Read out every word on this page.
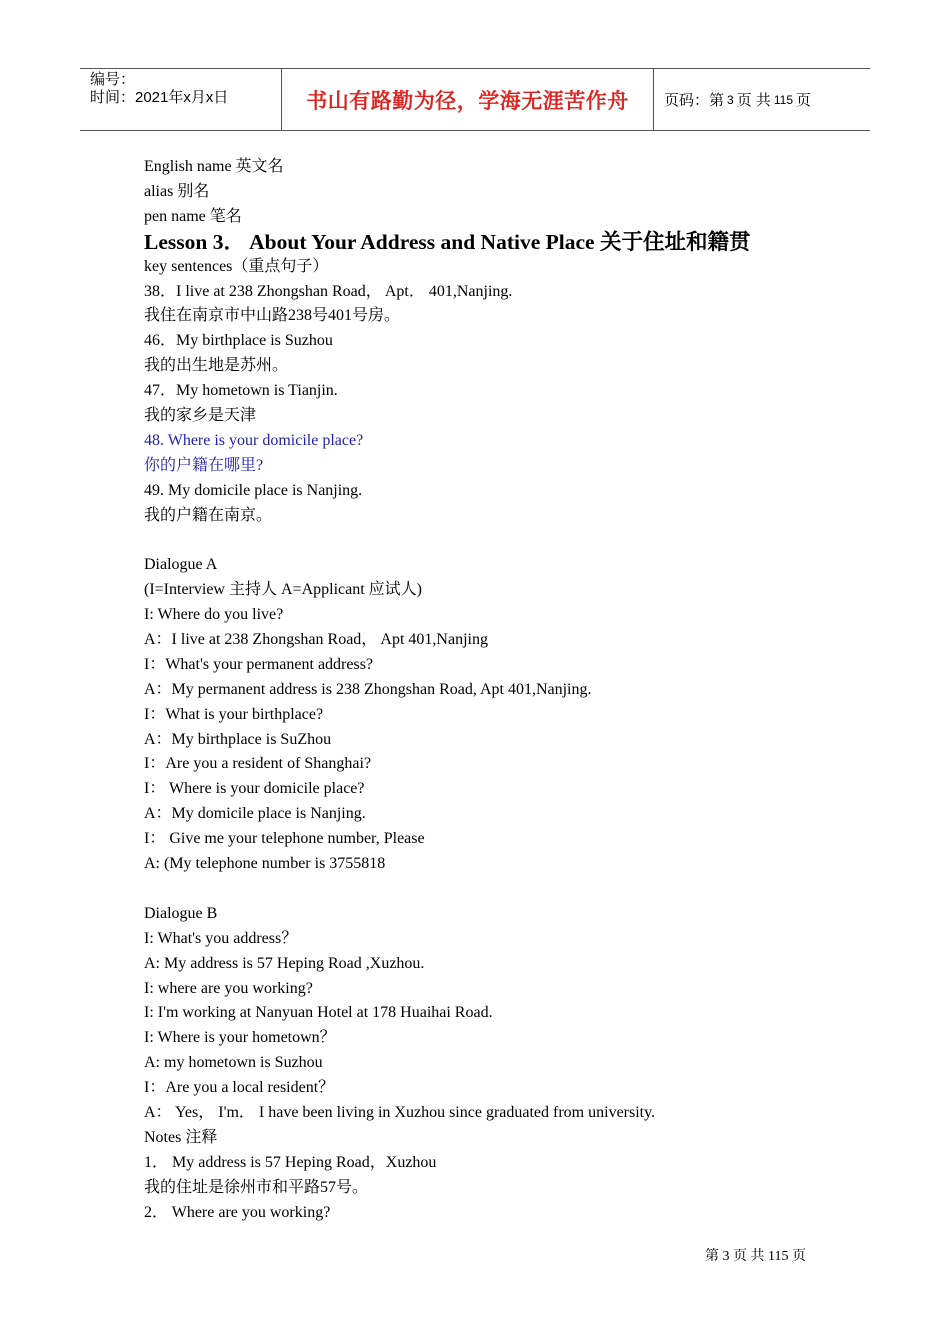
编号：
时间：2021年x月x日	书山有路勤为径，学海无涯苦作舟 页码：第 3 页 共 115 页
English name 英文名
alias 别名
pen name 笔名
Lesson 3． About Your Address and Native Place 关于住址和籍贯
key sentences（重点句子）
38．I live at 238 Zhongshan Road， Apt． 401,Nanjing.
我住在南京市中山路238号401号房。
46．My birthplace is Suzhou
我的出生地是苏州。
47．My hometown is Tianjin.
我的家乡是天津
48. Where is your domicile place?
你的户籍在哪里?
49. My domicile place is Nanjing.
我的户籍在南京。
Dialogue A
(I=Interview 主持人 A=Applicant 应试人)
I: Where do you live?
A：I live at 238 Zhongshan Road， Apt 401,Nanjing
I：What's your permanent address?
A：My permanent address is 238 Zhongshan Road, Apt 401,Nanjing.
I：What is your birthplace?
A：My birthplace is SuZhou
I：Are you a resident of Shanghai?
I： Where is your domicile place?
A：My domicile place is Nanjing.
I： Give me your telephone number, Please
A: (My telephone number is 3755818
Dialogue B
I: What's you address？
A: My address is 57 Heping Road ,Xuzhou.
I: where are you working?
I: I'm working at Nanyuan Hotel at 178 Huaihai Road.
I: Where is your hometown？
A: my hometown is Suzhou
I：Are you a local resident？
A： Yes， I'm． I have been living in Xuzhou since graduated from university.
Notes 注释
1． My address is 57 Heping Road，Xuzhou
我的住址是徐州市和平路57号。
2． Where are you working?
第 3 页 共 115 页
